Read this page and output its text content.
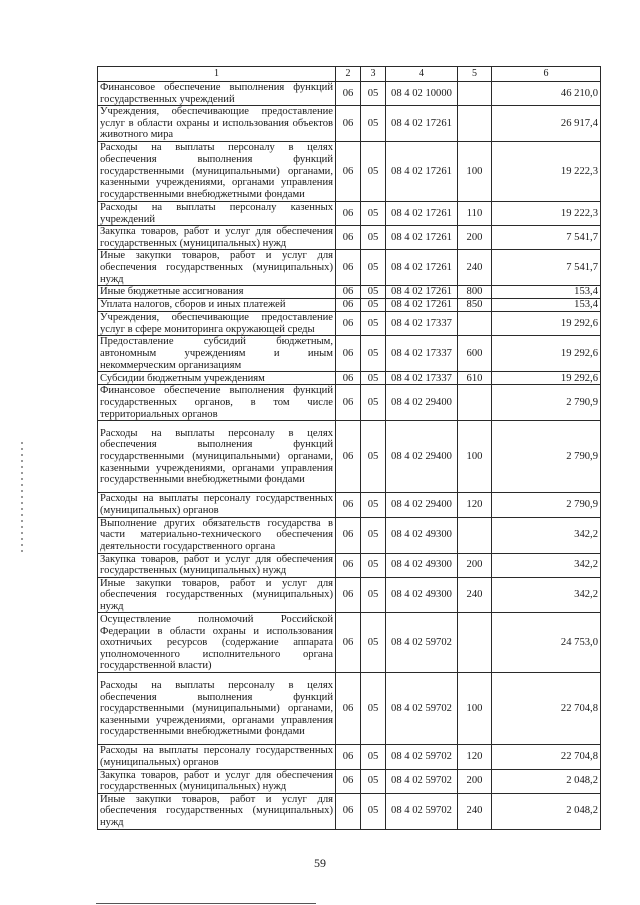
1	2	3	4	5	6
Финансовое обеспечение выполнения функций государственных учреждений	06	05	08 4 02 10000		46 210,0
Учреждения, обеспечивающие предоставление услуг в области охраны и использования объектов животного мира	06	05	08 4 02 17261		26 917,4
Расходы на выплаты персоналу в целях обеспечения выполнения функций государственными (муниципальными) органами, казенными учреждениями, органами управления государственными внебюджетными фондами	06	05	08 4 02 17261	100	19 222,3
Расходы на выплаты персоналу казенных учреждений	06	05	08 4 02 17261	110	19 222,3
Закупка товаров, работ и услуг для обеспечения государственных (муниципальных) нужд	06	05	08 4 02 17261	200	7 541,7
Иные закупки товаров, работ и услуг для обеспечения государственных (муниципальных) нужд	06	05	08 4 02 17261	240	7 541,7
Иные бюджетные ассигнования	06	05	08 4 02 17261	800	153,4
Уплата налогов, сборов и иных платежей	06	05	08 4 02 17261	850	153,4
Учреждения, обеспечивающие предоставление услуг в сфере мониторинга окружающей среды	06	05	08 4 02 17337		19 292,6
Предоставление субсидий бюджетным, автономным учреждениям и иным некоммерческим организациям	06	05	08 4 02 17337	600	19 292,6
Субсидии бюджетным учреждениям	06	05	08 4 02 17337	610	19 292,6
Финансовое обеспечение выполнения функций государственных органов, в том числе территориальных органов	06	05	08 4 02 29400		2 790,9
Расходы на выплаты персоналу в целях обеспечения выполнения функций государственными (муниципальными) органами, казенными учреждениями, органами управления государственными внебюджетными фондами	06	05	08 4 02 29400	100	2 790,9
Расходы на выплаты персоналу государственных (муниципальных) органов	06	05	08 4 02 29400	120	2 790,9
Выполнение других обязательств государства в части материально-технического обеспечения деятельности государственного органа	06	05	08 4 02 49300		342,2
Закупка товаров, работ и услуг для обеспечения государственных (муниципальных) нужд	06	05	08 4 02 49300	200	342,2
Иные закупки товаров, работ и услуг для обеспечения государственных (муниципальных) нужд	06	05	08 4 02 49300	240	342,2
Осуществление полномочий Российской Федерации в области охраны и использования охотничьих ресурсов (содержание аппарата уполномоченного исполнительного органа государственной власти)	06	05	08 4 02 59702		24 753,0
Расходы на выплаты персоналу в целях обеспечения выполнения функций государственными (муниципальными) органами, казенными учреждениями, органами управления государственными внебюджетными фондами	06	05	08 4 02 59702	100	22 704,8
Расходы на выплаты персоналу государственных (муниципальных) органов	06	05	08 4 02 59702	120	22 704,8
Закупка товаров, работ и услуг для обеспечения государственных (муниципальных) нужд	06	05	08 4 02 59702	200	2 048,2
Иные закупки товаров, работ и услуг для обеспечения государственных (муниципальных) нужд	06	05	08 4 02 59702	240	2 048,2
59
